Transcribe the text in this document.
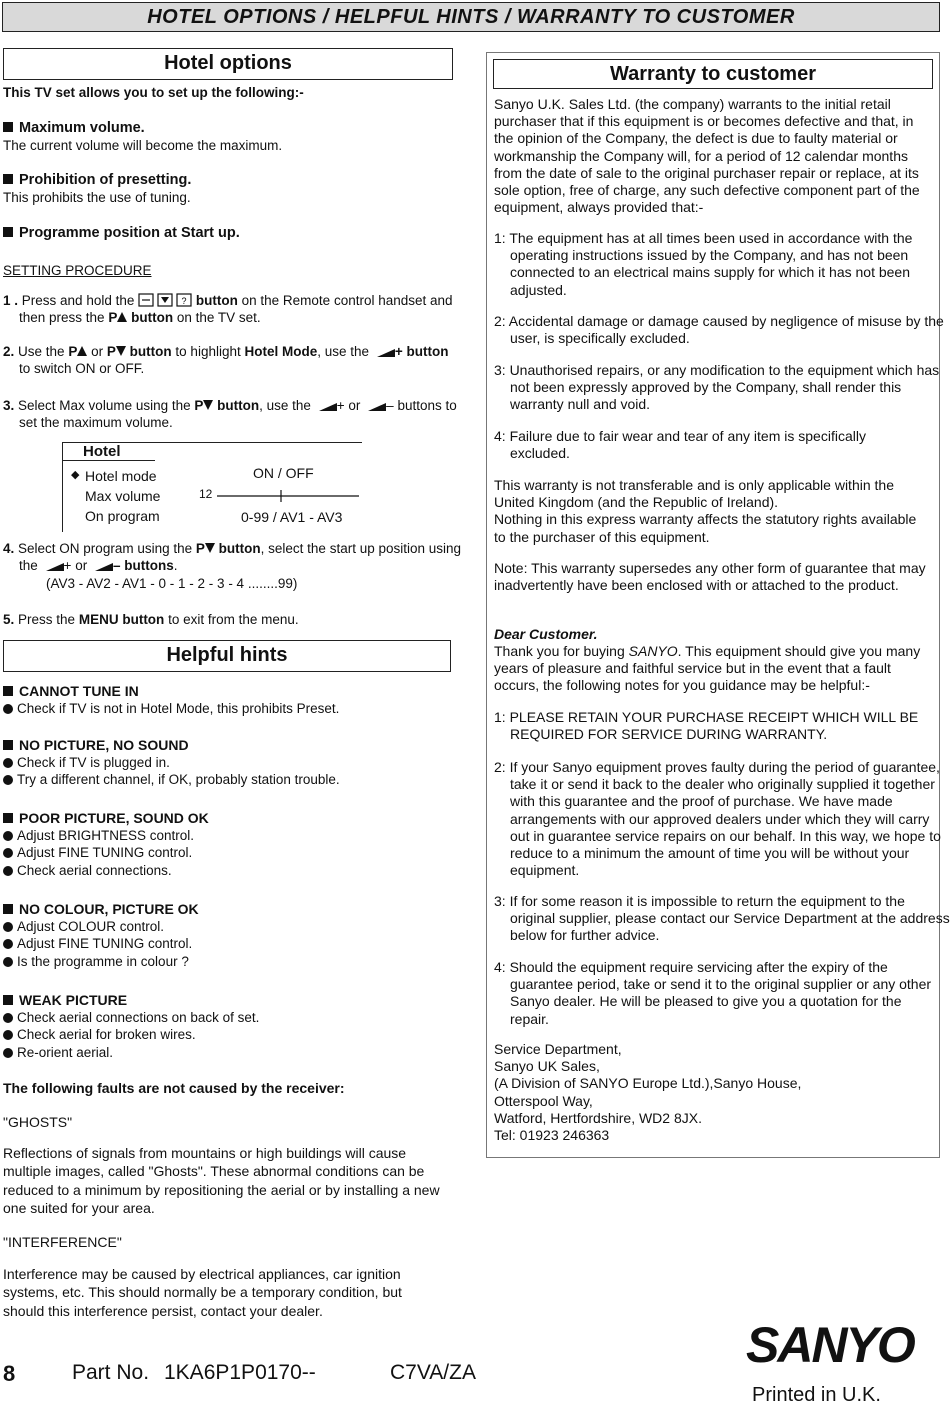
HOTEL OPTIONS / HELPFUL HINTS / WARRANTY TO CUSTOMER
Hotel options
This TV set allows you to set up the following:-
Maximum volume.
The current volume will become the maximum.
Prohibition of presetting.
This prohibits the use of tuning.
Programme position at Start up.
SETTING PROCEDURE

1 . Press and hold the	? button on the Remote control handset and then press the P button on the TV set.

2. Use the P or P button to highlight Hotel Mode, use the + button to switch ON or OFF.

3. Select Max volume using the P button, use the + or – buttons to set the maximum volume.

Hotel
◆ Hotel mode	ON / OFF
Max volume	12
On program	0-99 / AV1 - AV3

4. Select ON program using the P button, select the start up position using the + or – buttons.

(AV3 - AV2 - AV1 - 0 - 1 - 2 - 3 - 4 ........99)

5. Press the MENU button to exit from the menu.
Helpful hints
CANNOT TUNE IN
Check if TV is not in Hotel Mode, this prohibits Preset.
NO PICTURE, NO SOUND
Check if TV is plugged in.
Try a different channel, if OK, probably station trouble.
POOR PICTURE, SOUND OK
Adjust BRIGHTNESS control.
Adjust FINE TUNING control.
Check aerial connections.
NO COLOUR, PICTURE OK
Adjust COLOUR control.
Adjust FINE TUNING control.
Is the programme in colour ?
WEAK PICTURE
Check aerial connections on back of set.
Check aerial for broken wires.
Re-orient aerial.
The following faults are not caused by the receiver:
"GHOSTS"
Reflections of signals from mountains or high buildings will cause multiple images, called "Ghosts". These abnormal conditions can be reduced to a minimum by repositioning the aerial or by installing a new one suited for your area.
"INTERFERENCE"
Interference may be caused by electrical appliances, car ignition systems, etc. This should normally be a temporary condition, but should this interference persist, contact your dealer.
Warranty to customer
Sanyo U.K. Sales Ltd. (the company) warrants to the initial retail purchaser that if this equipment is or becomes defective and that, in the opinion of the Company, the defect is due to faulty material or workmanship the Company will, for a period of 12 calendar months from the date of sale to the original purchaser repair or replace, at its sole option, free of charge, any such defective component part of the equipment, always provided that:-
1: The equipment has at all times been used in accordance with the operating instructions issued by the Company, and has not been connected to an electrical mains supply for which it has not been adjusted.
2: Accidental damage or damage caused by negligence of misuse by the user, is specifically excluded.
3: Unauthorised repairs, or any modification to the equipment which has not been expressly approved by the Company, shall render this warranty null and void.
4: Failure due to fair wear and tear of any item is specifically excluded.
This warranty is not transferable and is only applicable within the United Kingdom (and the Republic of Ireland).
Nothing in this express warranty affects the statutory rights available to the purchaser of this equipment.
Note: This warranty supersedes any other form of guarantee that may inadvertently have been enclosed with or attached to the product.
Dear Customer.
Thank you for buying SANYO. This equipment should give you many years of pleasure and faithful service but in the event that a fault occurs, the following notes for you guidance may be helpful:-
1: PLEASE RETAIN YOUR PURCHASE RECEIPT WHICH WILL BE REQUIRED FOR SERVICE DURING WARRANTY.
2: If your Sanyo equipment proves faulty during the period of guarantee, take it or send it back to the dealer who originally supplied it together with this guarantee and the proof of purchase. We have made arrangements with our approved dealers under which they will carry out in guarantee service repairs on our behalf. In this way, we hope to reduce to a minimum the amount of time you will be without your equipment.
3: If for some reason it is impossible to return the equipment to the original supplier, please contact our Service Department at the address below for further advice.
4: Should the equipment require servicing after the expiry of the guarantee period, take or send it to the original supplier or any other Sanyo dealer. He will be pleased to give you a quotation for the repair.
Service Department,
Sanyo UK Sales,
(A Division of SANYO Europe Ltd.),Sanyo House,
Otterspool Way,
Watford, Hertfordshire, WD2 8JX.
Tel: 01923 246363
8	Part No. 1KA6P1P0170--	C7VA/ZA	SANYO
Printed in U.K.
